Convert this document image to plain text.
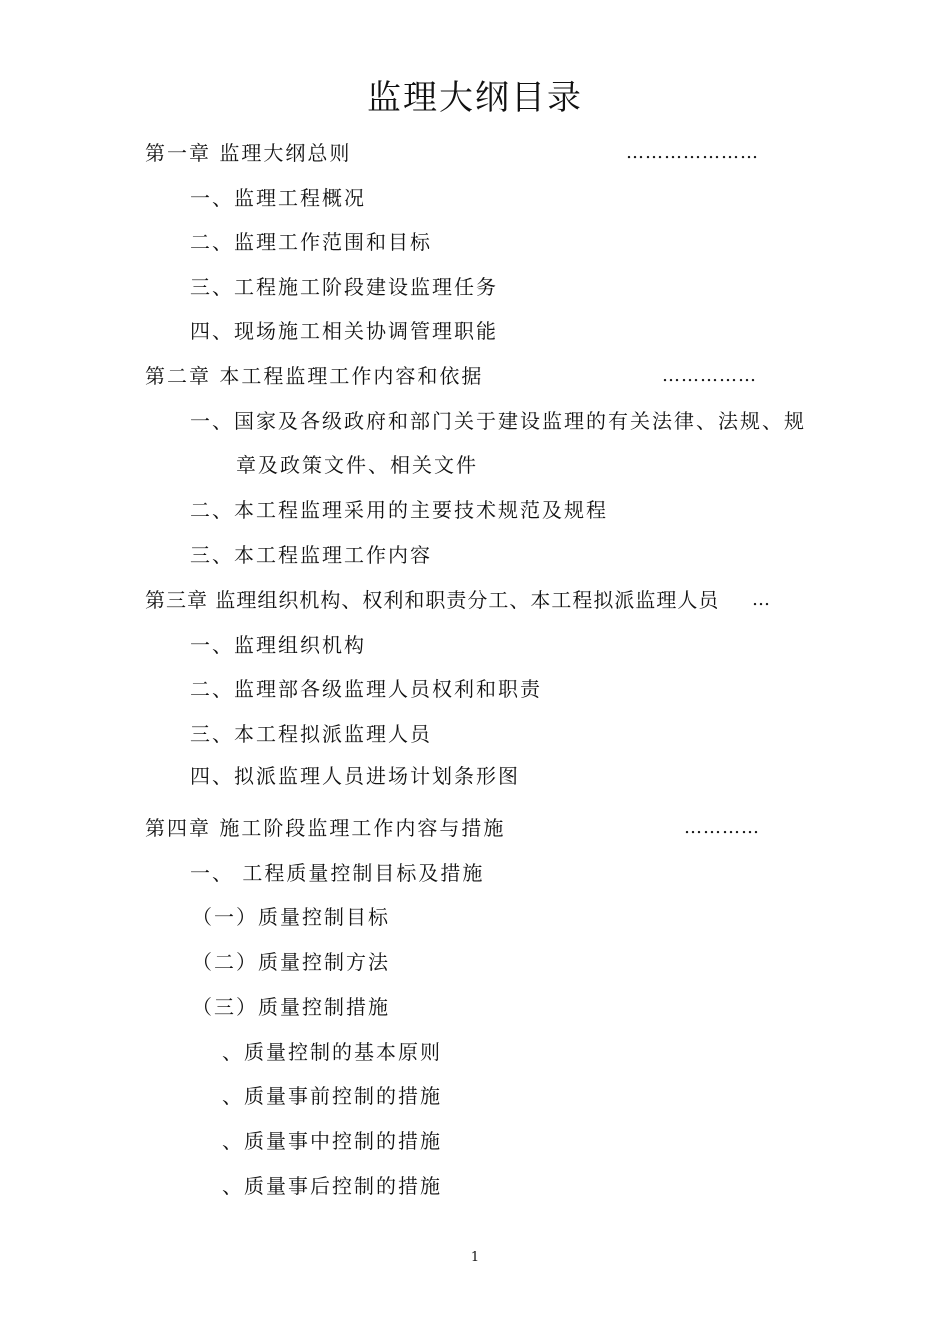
监理大纲目录
第一章 监理大纲总则	…………………
一、监理工程概况
二、监理工作范围和目标
三、工程施工阶段建设监理任务
四、现场施工相关协调管理职能
第二章 本工程监理工作内容和依据	……………
一、国家及各级政府和部门关于建设监理的有关法律、法规、规
章及政策文件、相关文件
二、本工程监理采用的主要技术规范及规程
三、本工程监理工作内容
第三章 监理组织机构、权利和职责分工、本工程拟派监理人员 …
一、监理组织机构
二、监理部各级监理人员权利和职责
三、本工程拟派监理人员
四、拟派监理人员进场计划条形图
第四章 施工阶段监理工作内容与措施	…………
一、 工程质量控制目标及措施
（一）质量控制目标
（二）质量控制方法
（三）质量控制措施
、质量控制的基本原则
、质量事前控制的措施
、质量事中控制的措施
、质量事后控制的措施
1
